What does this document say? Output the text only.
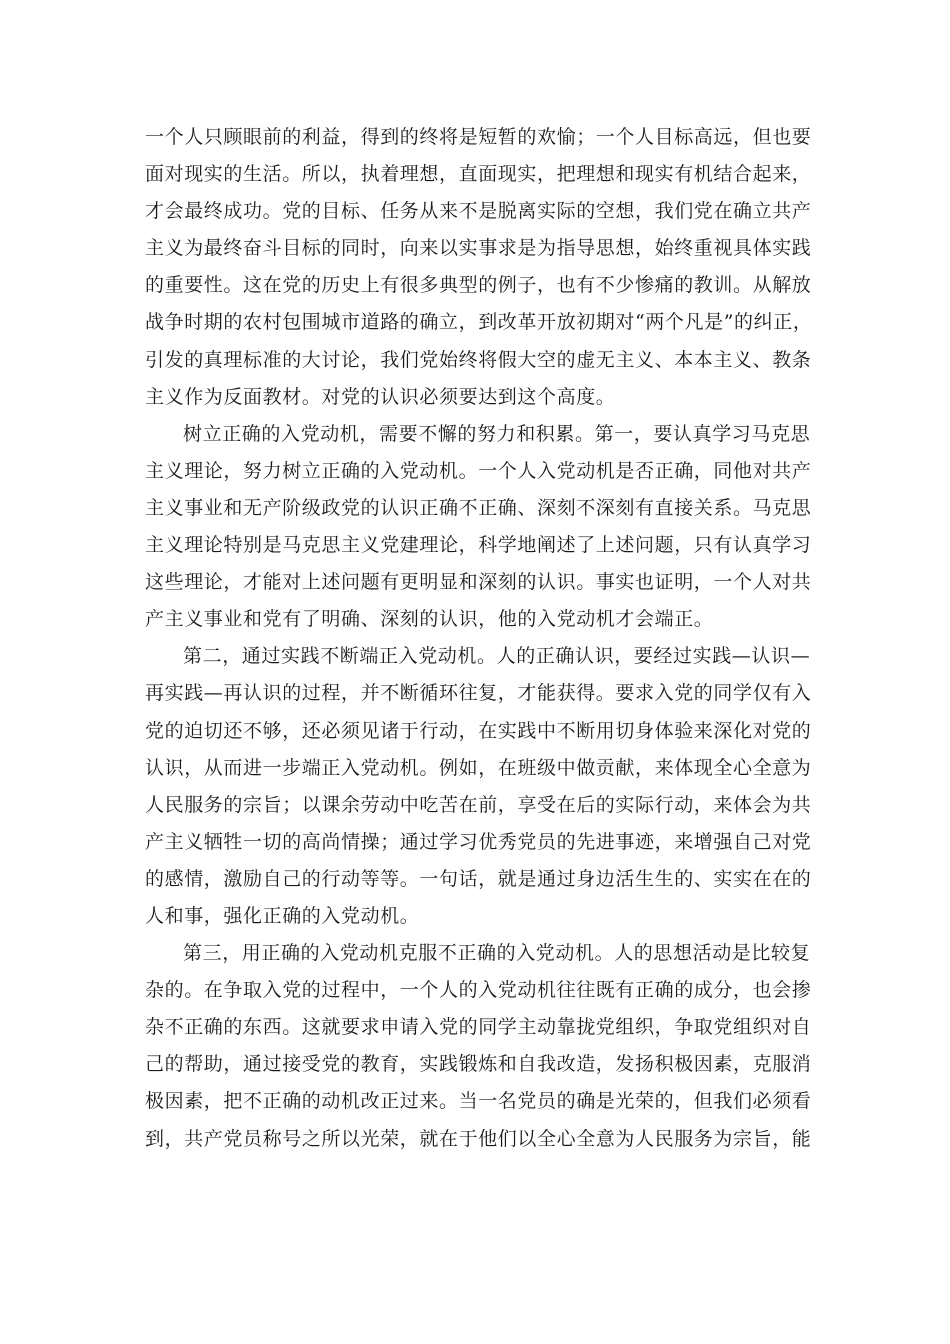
一个人只顾眼前的利益，得到的终将是短暂的欢愉；一个人目标高远，但也要
面对现实的生活。所以，执着理想，直面现实，把理想和现实有机结合起来，
才会最终成功。党的目标、任务从来不是脱离实际的空想，我们党在确立共产
主义为最终奋斗目标的同时，向来以实事求是为指导思想，始终重视具体实践
的重要性。这在党的历史上有很多典型的例子，也有不少惨痛的教训。从解放
战争时期的农村包围城市道路的确立，到改革开放初期对“两个凡是”的纠正，
引发的真理标准的大讨论，我们党始终将假大空的虚无主义、本本主义、教条
主义作为反面教材。对党的认识必须要达到这个高度。
树立正确的入党动机，需要不懈的努力和积累。第一，要认真学习马克思
主义理论，努力树立正确的入党动机。一个人入党动机是否正确，同他对共产
主义事业和无产阶级政党的认识正确不正确、深刻不深刻有直接关系。马克思
主义理论特别是马克思主义党建理论，科学地阐述了上述问题，只有认真学习
这些理论，才能对上述问题有更明显和深刻的认识。事实也证明，一个人对共
产主义事业和党有了明确、深刻的认识，他的入党动机才会端正。
第二，通过实践不断端正入党动机。人的正确认识，要经过实践—认识—
再实践—再认识的过程，并不断循环往复，才能获得。要求入党的同学仅有入
党的迫切还不够，还必须见诸于行动，在实践中不断用切身体验来深化对党的
认识，从而进一步端正入党动机。例如，在班级中做贡献，来体现全心全意为
人民服务的宗旨；以课余劳动中吃苦在前，享受在后的实际行动，来体会为共
产主义牺牲一切的高尚情操；通过学习优秀党员的先进事迹，来增强自己对党
的感情，激励自己的行动等等。一句话，就是通过身边活生生的、实实在在的
人和事，强化正确的入党动机。
第三，用正确的入党动机克服不正确的入党动机。人的思想活动是比较复
杂的。在争取入党的过程中，一个人的入党动机往往既有正确的成分，也会掺
杂不正确的东西。这就要求申请入党的同学主动靠拢党组织，争取党组织对自
己的帮助，通过接受党的教育，实践锻炼和自我改造，发扬积极因素，克服消
极因素，把不正确的动机改正过来。当一名党员的确是光荣的，但我们必须看
到，共产党员称号之所以光荣，就在于他们以全心全意为人民服务为宗旨，能
